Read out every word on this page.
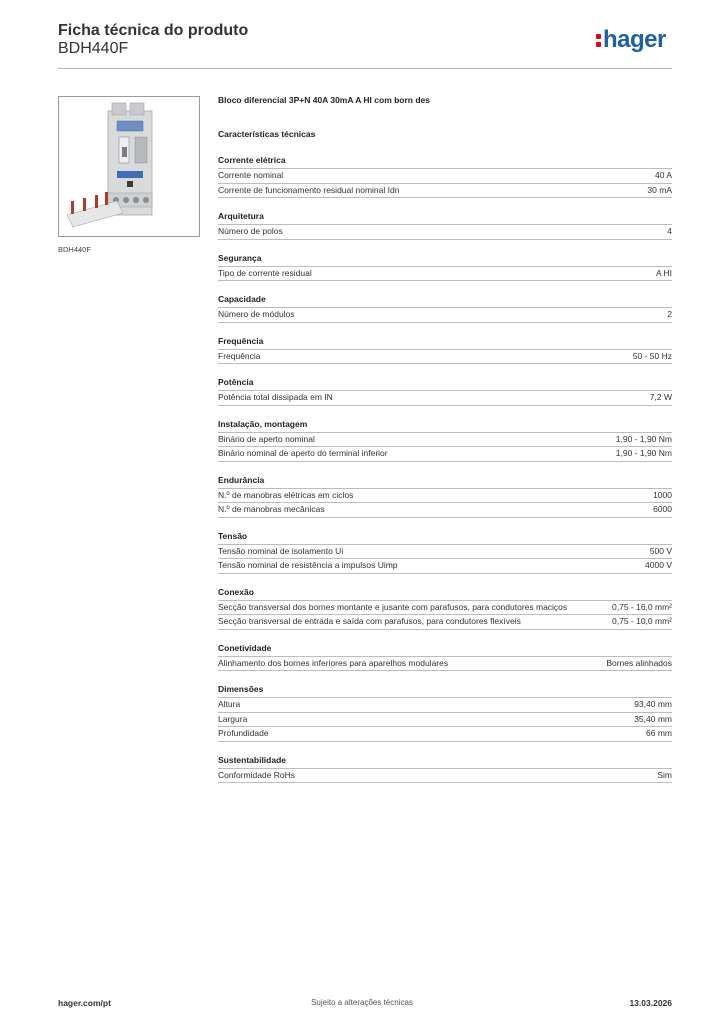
Ficha técnica do produto
BDH440F	hager
BDH440F
Bloco diferencial 3P+N 40A 30mA A HI com born des
Características técnicas
Corrente elétrica
Corrente nominal	40 A
Corrente de funcionamento residual nominal Idn	30 mA
Arquitetura
Número de polos	4
Segurança
Tipo de corrente residual	A HI
Capacidade
Número de módulos	2
Frequência
Frequência	50 - 50 Hz
Potência
Potência total dissipada em IN	7,2 W
Instalação, montagem
Binário de aperto nominal	1,90 - 1,90 Nm
Binário nominal de aperto do terminal inferior	1,90 - 1,90 Nm
Endurância
N.º de manobras elétricas em ciclos	1000
N.º de manobras mecânicas	6000
Tensão
Tensão nominal de isolamento Ui	500 V
Tensão nominal de resistência a impulsos Uimp	4000 V
Conexão
Secção transversal dos bornes montante e jusante com parafusos, para condutores maciços	0,75 - 16,0 mm²
Secção transversal de entrada e saída com parafusos, para condutores flexíveis	0,75 - 10,0 mm²
Conetividade
Alinhamento dos bornes inferiores para aparelhos modulares	Bornes alinhados
Dimensões
Altura	93,40 mm
Largura	35,40 mm
Profundidade	66 mm
Sustentabilidade
Conformidade RoHs	Sim
hager.com/pt	Sujeito a alterações técnicas	13.03.2026
